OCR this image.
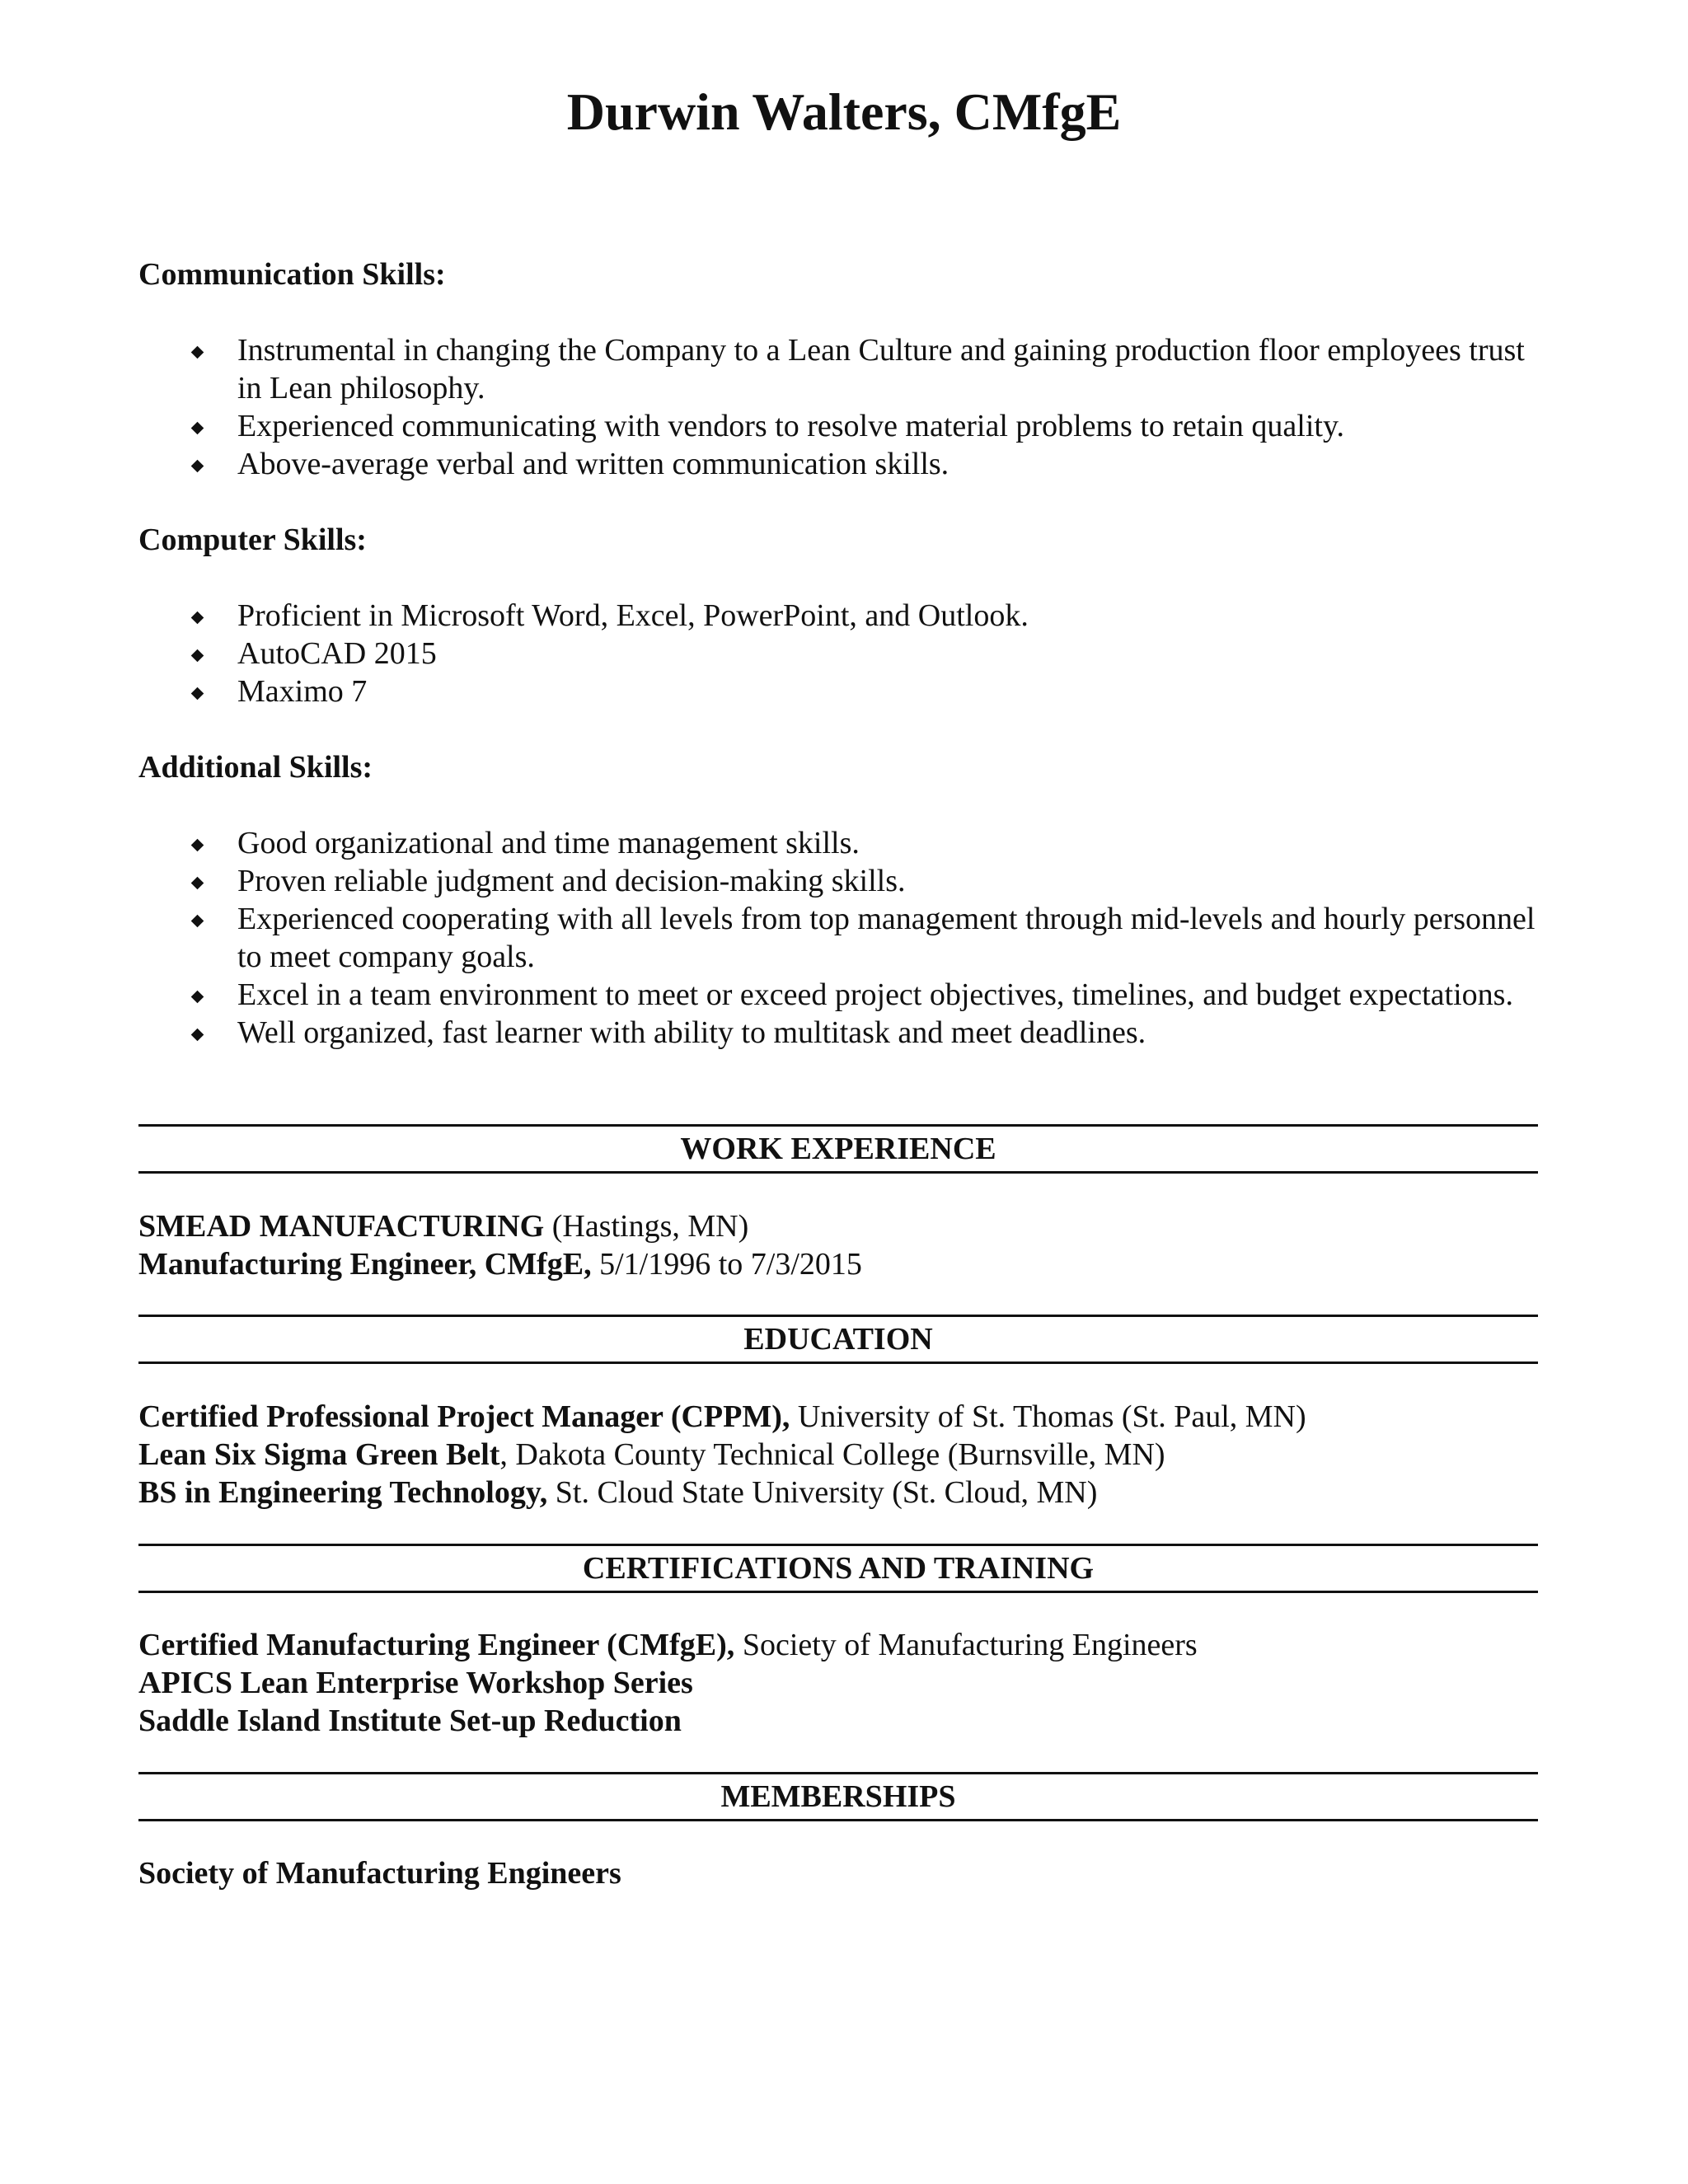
Durwin Walters, CMfgE

Communication Skills:

Instrumental in changing the Company to a Lean Culture and gaining production floor employees trust in Lean philosophy.
Experienced communicating with vendors to resolve material problems to retain quality.
Above-average verbal and written communication skills.

Computer Skills:

Proficient in Microsoft Word, Excel, PowerPoint, and Outlook.
AutoCAD 2015
Maximo 7

Additional Skills:

Good organizational and time management skills.
Proven reliable judgment and decision-making skills.
Experienced cooperating with all levels from top management through mid-levels and hourly personnel to meet company goals.
Excel in a team environment to meet or exceed project objectives, timelines, and budget expectations.
Well organized, fast learner with ability to multitask and meet deadlines.
WORK EXPERIENCE
SMEAD MANUFACTURING (Hastings, MN)
Manufacturing Engineer, CMfgE, 5/1/1996 to 7/3/2015
EDUCATION
Certified Professional Project Manager (CPPM), University of St. Thomas (St. Paul, MN)
Lean Six Sigma Green Belt, Dakota County Technical College (Burnsville, MN)
BS in Engineering Technology, St. Cloud State University (St. Cloud, MN)
CERTIFICATIONS AND TRAINING
Certified Manufacturing Engineer (CMfgE), Society of Manufacturing Engineers
APICS Lean Enterprise Workshop Series
Saddle Island Institute Set-up Reduction
MEMBERSHIPS
Society of Manufacturing Engineers
